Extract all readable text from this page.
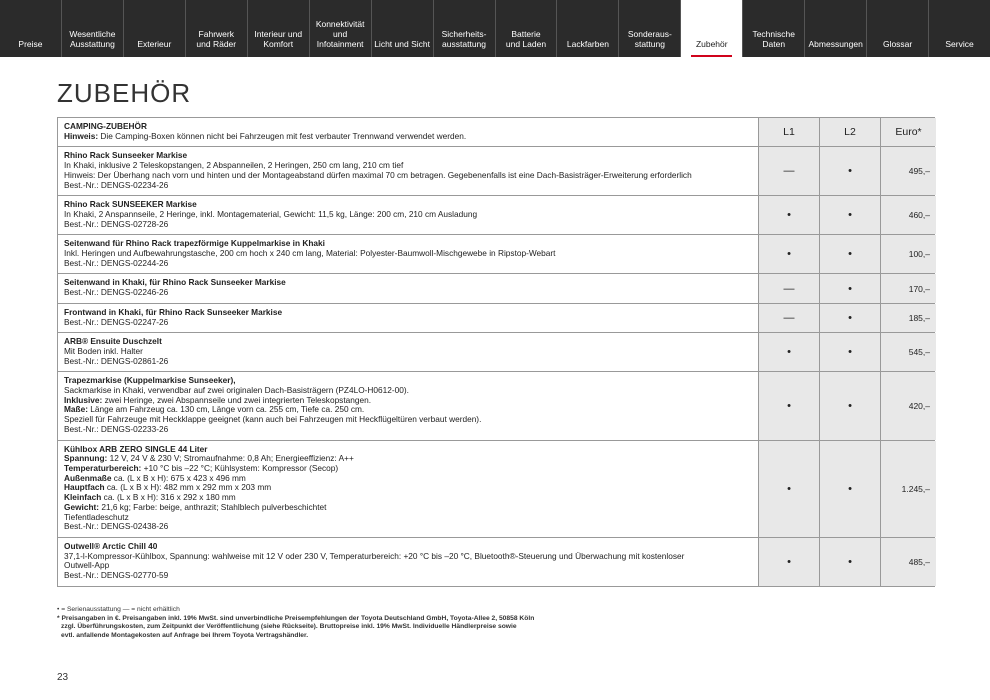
Preise
Wesentliche
Ausstattung	Exterieur
Fahrwerk
und Räder
Interieur und
Komfort
Konnektivität
und
Infotainment	Licht und Sicht
Sicherheits-
ausstattung
Batterie
und Laden	Lackfarben
Sonderaus-
stattung	Zubehör
Technische
Daten	Abmessungen	Glossar	Service
ZUBEHÖR
CAMPING-ZUBEHÖR
Hinweis: Die Camping-Boxen können nicht bei Fahrzeugen mit fest verbauter Trennwand verwendet werden.	L1	L2	Euro*
Rhino Rack Sunseeker Markise
In Khaki, inklusive 2 Teleskopstangen, 2 Abspanneilen, 2 Heringen, 250 cm lang, 210 cm tief
Hinweis: Der Überhang nach vorn und hinten und der Montageabstand dürfen maximal 70 cm betragen. Gegebenenfalls ist eine Dach-Basisträger-Erweiterung erforderlich
Best.-Nr.: DENGS-02234-26
—	•	495,–
Rhino Rack SUNSEEKER Markise
In Khaki, 2 Anspannseile, 2 Heringe, inkl. Montagematerial, Gewicht: 11,5 kg, Länge: 200 cm, 210 cm Ausladung
Best.-Nr.: DENGS-02728-26
•	•	460,–
Seitenwand für Rhino Rack trapezförmige Kuppelmarkise in Khaki
Inkl. Heringen und Aufbewahrungstasche, 200 cm hoch x 240 cm lang, Material: Polyester-Baumwoll-Mischgewebe in Ripstop-Webart
Best.-Nr.: DENGS-02244-26
•	•	100,–
Seitenwand in Khaki, für Rhino Rack Sunseeker Markise
Best.-Nr.: DENGS-02246-26	—	•	170,–
Frontwand in Khaki, für Rhino Rack Sunseeker Markise
Best.-Nr.: DENGS-02247-26	—	•	185,–
ARB® Ensuite Duschzelt
Mit Boden inkl. Halter
Best.-Nr.: DENGS-02861-26
•	•	545,–
Trapezmarkise (Kuppelmarkise Sunseeker),
Sackmarkise in Khaki, verwendbar auf zwei originalen Dach-Basisträgern (PZ4LO-H0612-00).
Inklusive: zwei Heringe, zwei Abspannseile und zwei integrierten Teleskopstangen.
Maße: Länge am Fahrzeug ca. 130 cm, Länge vorn ca. 255 cm, Tiefe ca. 250 cm.
Speziell für Fahrzeuge mit Heckklappe geeignet (kann auch bei Fahrzeugen mit Heckflügeltüren verbaut werden).
Best.-Nr.: DENGS-02233-26
•	•	420,–
Kühlbox ARB ZERO SINGLE 44 Liter
Spannung: 12 V, 24 V & 230 V; Stromaufnahme: 0,8 Ah; Energieeffizienz: A++
Temperaturbereich: +10 °C bis –22 °C; Kühlsystem: Kompressor (Secop)
Außenmaße ca. (L x B x H): 675 x 423 x 496 mm
Hauptfach ca. (L x B x H): 482 mm x 292 mm x 203 mm
Kleinfach ca. (L x B x H): 316 x 292 x 180 mm
Gewicht: 21,6 kg; Farbe: beige, anthrazit; Stahlblech pulverbeschichtet
Tiefentladeschutz
Best.-Nr.: DENGS-02438-26
•	•	1.245,–
Outwell® Arctic Chill 40
37,1-l-Kompressor-Kühlbox, Spannung: wahlweise mit 12 V oder 230 V, Temperaturbereich: +20 °C bis –20 °C, Bluetooth®-Steuerung und Überwachung mit kostenloser
Outwell-App
Best.-Nr.: DENGS-02770-59
•	•	485,–
• = Serienausstattung — = nicht erhältlich
* Preisangaben in €. Preisangaben inkl. 19% MwSt. sind unverbindliche Preisempfehlungen der Toyota Deutschland GmbH, Toyota-Allee 2, 50858 Köln
zzgl. Überführungskosten, zum Zeitpunkt der Veröffentlichung (siehe Rückseite). Bruttopreise inkl. 19% MwSt. Individuelle Händlerpreise sowie
evtl. anfallende Montagekosten auf Anfrage bei Ihrem Toyota Vertragshändler.
23
